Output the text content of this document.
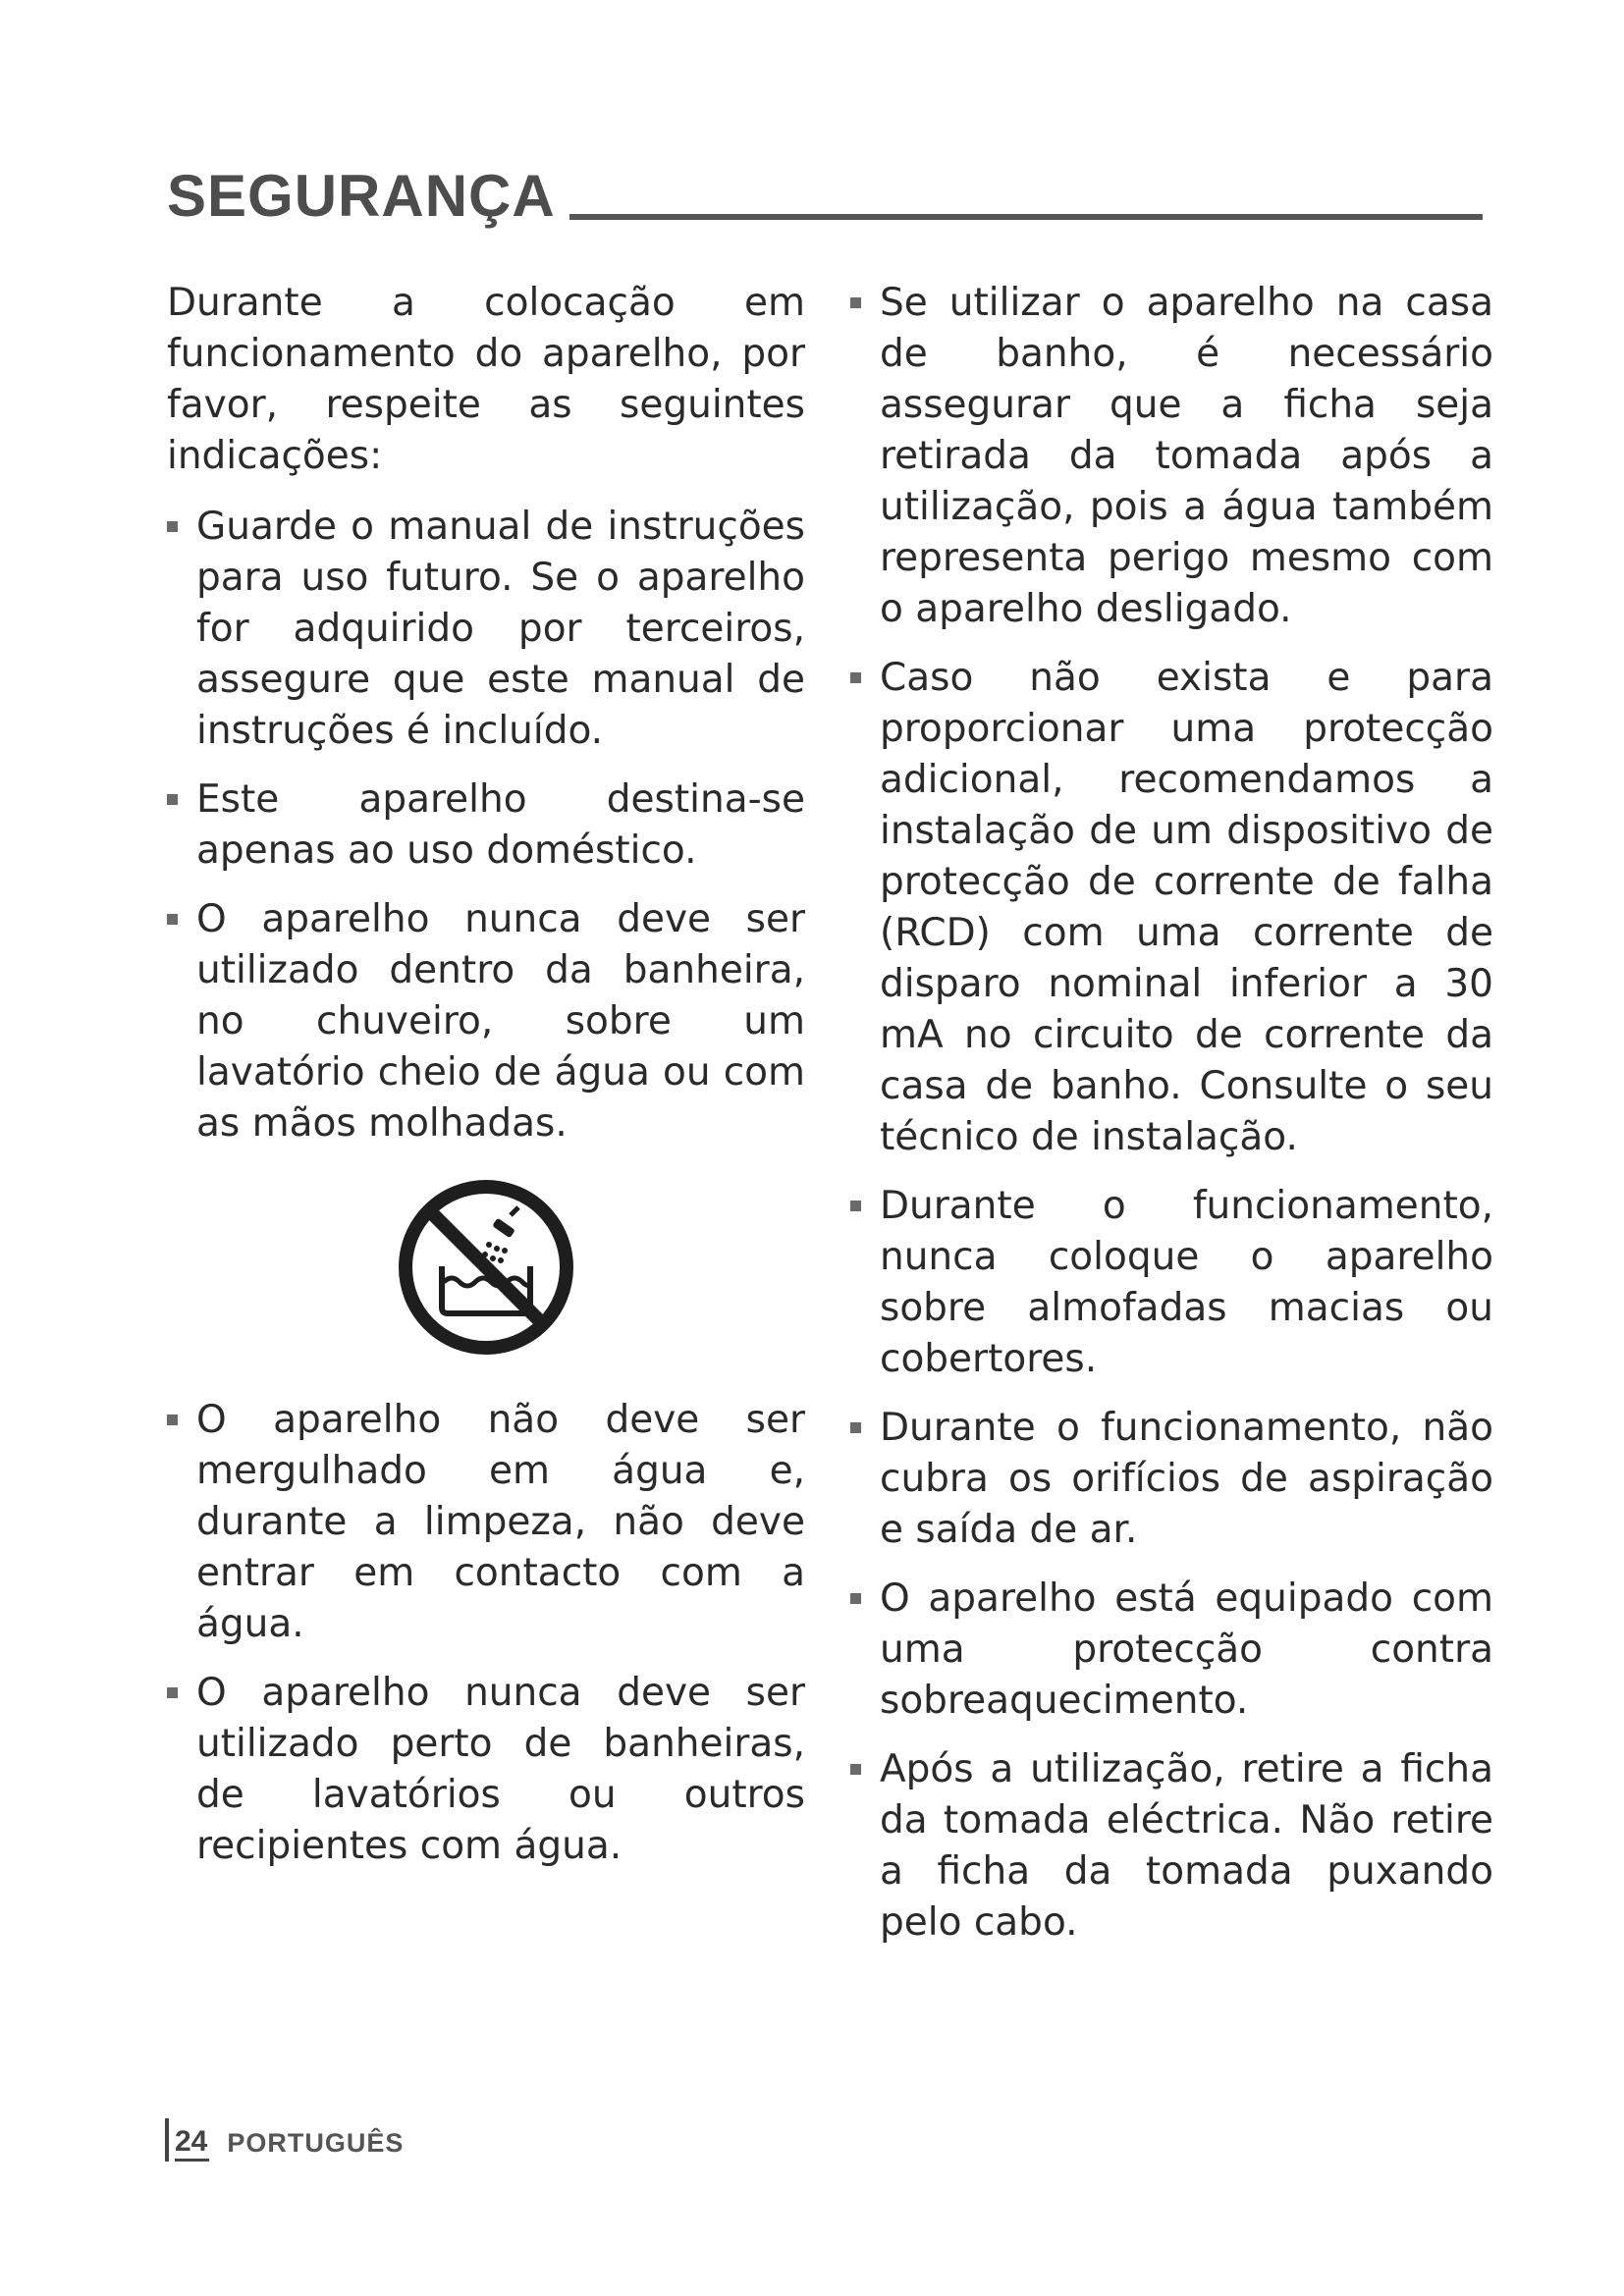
SEGURANÇA

Durante a colocação em funcionamento do aparelho, por favor, respeite as seguintes indicações:

Guarde o manual de instruções para uso futuro. Se o aparelho for adquirido por terceiros, assegure que este manual de instruções é incluído.
Este aparelho destina-se apenas ao uso doméstico.
O aparelho nunca deve ser utilizado dentro da banheira, no chuveiro, sobre um lavatório cheio de água ou com as mãos molhadas.
O aparelho não deve ser mergulhado em água e, durante a limpeza, não deve entrar em contacto com a água.
O aparelho nunca deve ser utilizado perto de banheiras, de lavatórios ou outros recipientes com água.
Se utilizar o aparelho na casa de banho, é necessário assegurar que a ficha seja retirada da tomada após a utilização, pois a água também representa perigo mesmo com o aparelho desligado.
Caso não exista e para proporcionar uma protecção adicional, recomendamos a instalação de um dispositivo de protecção de corrente de falha (RCD) com uma corrente de disparo nominal inferior a 30 mA no circuito de corrente da casa de banho. Consulte o seu técnico de instalação.
Durante o funcionamento, nunca coloque o aparelho sobre almofadas macias ou cobertores.
Durante o funcionamento, não cubra os orifícios de aspiração e saída de ar.
O aparelho está equipado com uma protecção contra sobreaquecimento.
Após a utilização, retire a ficha da tomada eléctrica. Não retire a ficha da tomada puxando pelo cabo.
24 PORTUGUÊS
